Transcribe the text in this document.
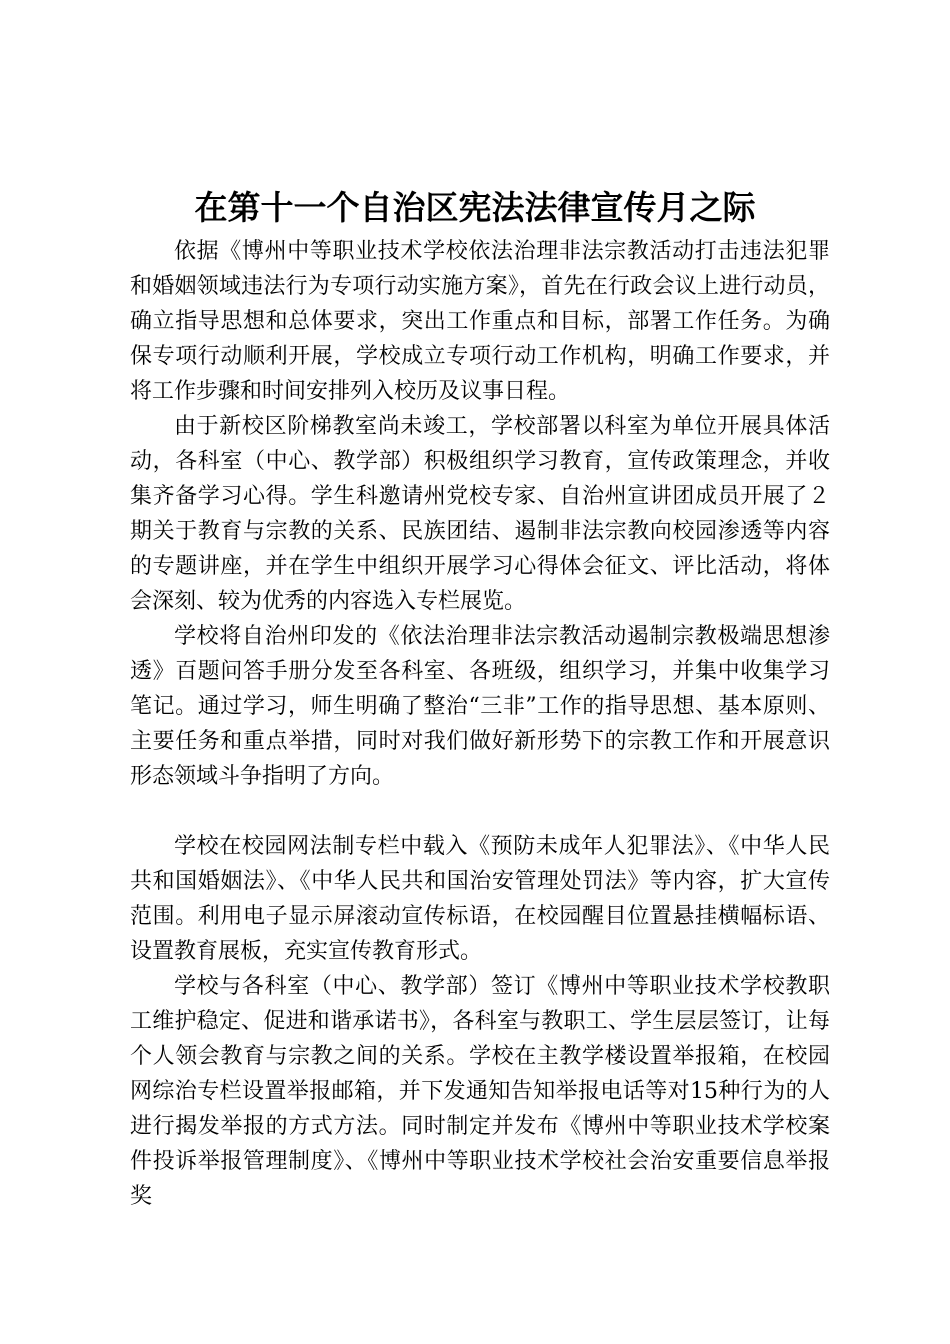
在第十一个自治区宪法法律宣传月之际

依据《博州中等职业技术学校依法治理非法宗教活动打击违法犯罪和婚姻领域违法行为专项行动实施方案》，首先在行政会议上进行动员，确立指导思想和总体要求，突出工作重点和目标，部署工作任务。为确保专项行动顺利开展，学校成立专项行动工作机构，明确工作要求，并将工作步骤和时间安排列入校历及议事日程。

由于新校区阶梯教室尚未竣工，学校部署以科室为单位开展具体活动，各科室（中心、教学部）积极组织学习教育，宣传政策理念，并收集齐备学习心得。学生科邀请州党校专家、自治州宣讲团成员开展了２期关于教育与宗教的关系、民族团结、遏制非法宗教向校园渗透等内容的专题讲座，并在学生中组织开展学习心得体会征文、评比活动，将体会深刻、较为优秀的内容选入专栏展览。

学校将自治州印发的《依法治理非法宗教活动遏制宗教极端思想渗透》百题问答手册分发至各科室、各班级，组织学习，并集中收集学习笔记。通过学习，师生明确了整治“三非”工作的指导思想、基本原则、主要任务和重点举措，同时对我们做好新形势下的宗教工作和开展意识形态领域斗争指明了方向。

学校在校园网法制专栏中载入《预防未成年人犯罪法》、《中华人民共和国婚姻法》、《中华人民共和国治安管理处罚法》等内容，扩大宣传范围。利用电子显示屏滚动宣传标语，在校园醒目位置悬挂横幅标语、设置教育展板，充实宣传教育形式。

学校与各科室（中心、教学部）签订《博州中等职业技术学校教职工维护稳定、促进和谐承诺书》，各科室与教职工、学生层层签订，让每个人领会教育与宗教之间的关系。学校在主教学楼设置举报箱，在校园网综治专栏设置举报邮箱，并下发通知告知举报电话等对15种行为的人进行揭发举报的方式方法。同时制定并发布《博州中等职业技术学校案件投诉举报管理制度》、《博州中等职业技术学校社会治安重要信息举报奖
